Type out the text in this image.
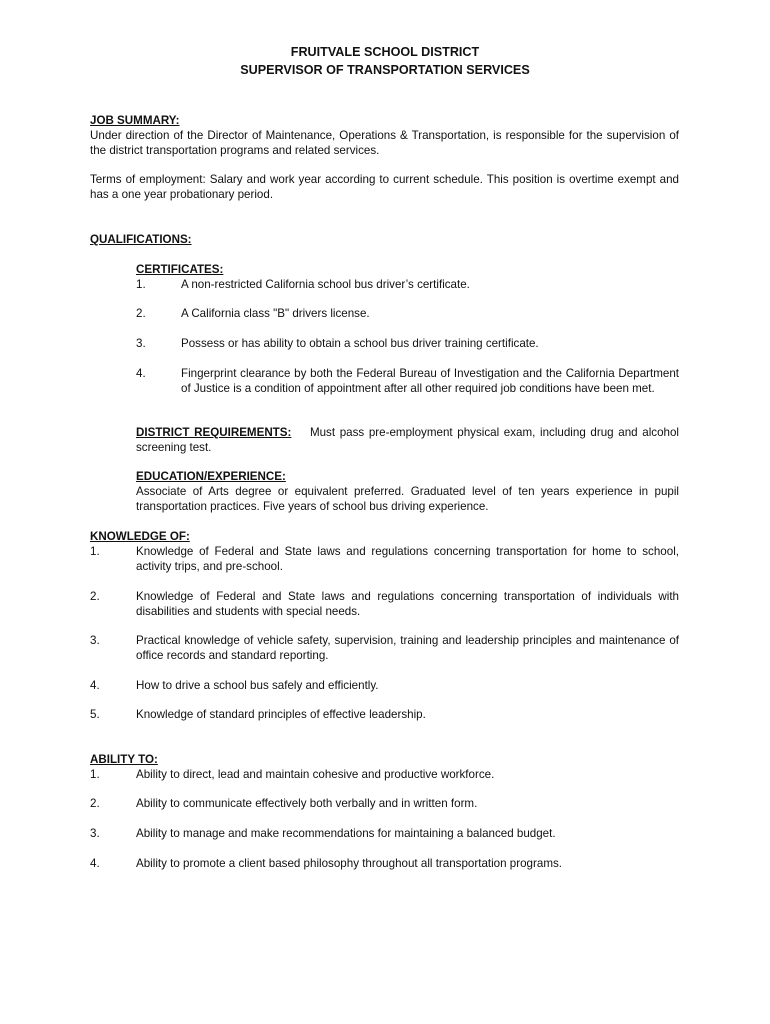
FRUITVALE SCHOOL DISTRICT
SUPERVISOR OF TRANSPORTATION SERVICES
JOB SUMMARY:
Under direction of the Director of Maintenance, Operations & Transportation, is responsible for the supervision of the district transportation programs and related services.
Terms of employment: Salary and work year according to current schedule. This position is overtime exempt and has a one year probationary period.
QUALIFICATIONS:
CERTIFICATES:
1.	A non-restricted California school bus driver’s certificate.
2.	A California class "B" drivers license.
3.	Possess or has ability to obtain a school bus driver training certificate.
4.	Fingerprint clearance by both the Federal Bureau of Investigation and the California Department of Justice is a condition of appointment after all other required job conditions have been met.
DISTRICT REQUIREMENTS: Must pass pre-employment physical exam, including drug and alcohol screening test.
EDUCATION/EXPERIENCE:
Associate of Arts degree or equivalent preferred. Graduated level of ten years experience in pupil transportation practices. Five years of school bus driving experience.
KNOWLEDGE OF:
1.	Knowledge of Federal and State laws and regulations concerning transportation for home to school, activity trips, and pre-school.
2.	Knowledge of Federal and State laws and regulations concerning transportation of individuals with disabilities and students with special needs.
3.	Practical knowledge of vehicle safety, supervision, training and leadership principles and maintenance of office records and standard reporting.
4.	How to drive a school bus safely and efficiently.
5.	Knowledge of standard principles of effective leadership.
ABILITY TO:
1.	Ability to direct, lead and maintain cohesive and productive workforce.
2.	Ability to communicate effectively both verbally and in written form.
3.	Ability to manage and make recommendations for maintaining a balanced budget.
4.	Ability to promote a client based philosophy throughout all transportation programs.
